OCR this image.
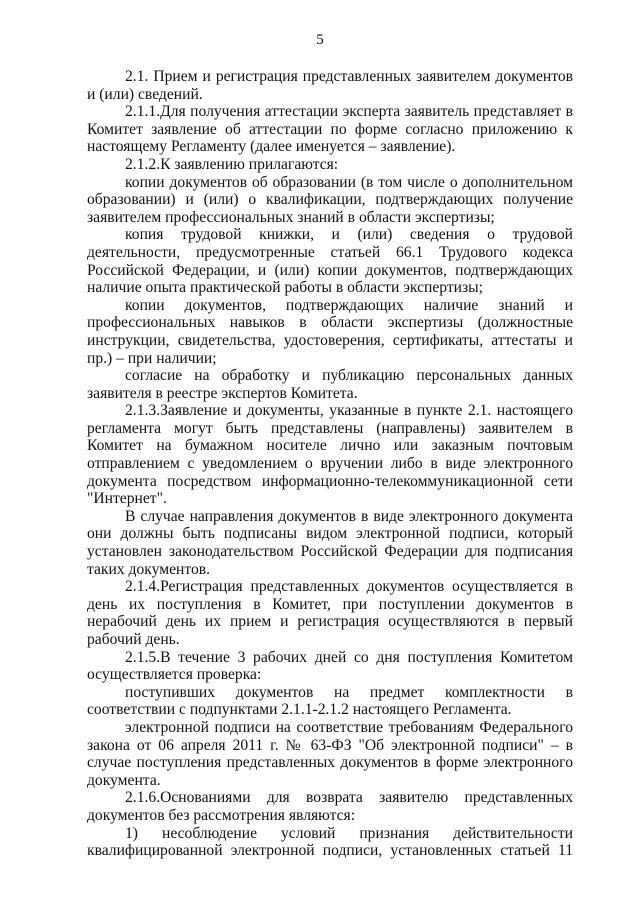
5

2.1. Прием и регистрация представленных заявителем документов и (или) сведений.

2.1.1.Для получения аттестации эксперта заявитель представляет в Комитет заявление об аттестации по форме согласно приложению к настоящему Регламенту (далее именуется – заявление).

2.1.2.К заявлению прилагаются:

копии документов об образовании (в том числе о дополнительном образовании) и (или) о квалификации, подтверждающих получение заявителем профессиональных знаний в области экспертизы;

копия трудовой книжки, и (или) сведения о трудовой деятельности, предусмотренные статьей 66.1 Трудового кодекса Российской Федерации, и (или) копии документов, подтверждающих наличие опыта практической работы в области экспертизы;

копии документов, подтверждающих наличие знаний и профессиональных навыков в области экспертизы (должностные инструкции, свидетельства, удостоверения, сертификаты, аттестаты и пр.) – при наличии;

согласие на обработку и публикацию персональных данных заявителя в реестре экспертов Комитета.

2.1.3.Заявление и документы, указанные в пункте 2.1. настоящего регламента могут быть представлены (направлены) заявителем в Комитет на бумажном носителе лично или заказным почтовым отправлением с уведомлением о вручении либо в виде электронного документа посредством информационно-телекоммуникационной сети "Интернет".

В случае направления документов в виде электронного документа они должны быть подписаны видом электронной подписи, который установлен законодательством Российской Федерации для подписания таких документов.

2.1.4.Регистрация представленных документов осуществляется в день их поступления в Комитет, при поступлении документов в нерабочий день их прием и регистрация осуществляются в первый рабочий день.

2.1.5.В течение 3 рабочих дней со дня поступления Комитетом осуществляется проверка:

поступивших документов на предмет комплектности в соответствии с подпунктами 2.1.1-2.1.2 настоящего Регламента.

электронной подписи на соответствие требованиям Федерального закона от 06 апреля 2011 г. № 63-ФЗ "Об электронной подписи" – в случае поступления представленных документов в форме электронного документа.

2.1.6.Основаниями для возврата заявителю представленных документов без рассмотрения являются:

1) несоблюдение условий признания действительности квалифицированной электронной подписи, установленных статьей 11
